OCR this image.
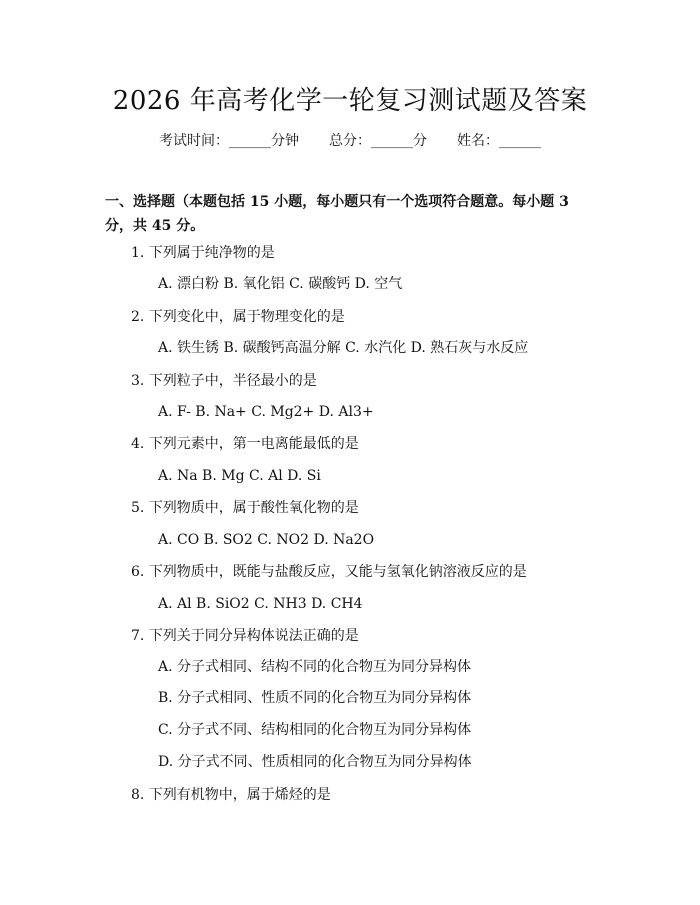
2026 年高考化学一轮复习测试题及答案
考试时间：______分钟 总分：______分 姓名：______
一、选择题（本题包括 15 小题，每小题只有一个选项符合题意。每小题 3 分，共 45 分。
1. 下列属于纯净物的是
A. 漂白粉 B. 氧化铝 C. 碳酸钙 D. 空气
2. 下列变化中，属于物理变化的是
A. 铁生锈 B. 碳酸钙高温分解 C. 水汽化 D. 熟石灰与水反应
3. 下列粒子中，半径最小的是
A. F- B. Na+ C. Mg2+ D. Al3+
4. 下列元素中，第一电离能最低的是
A. Na B. Mg C. Al D. Si
5. 下列物质中，属于酸性氧化物的是
A. CO B. SO2 C. NO2 D. Na2O
6. 下列物质中，既能与盐酸反应，又能与氢氧化钠溶液反应的是
A. Al B. SiO2 C. NH3 D. CH4
7. 下列关于同分异构体说法正确的是
A. 分子式相同、结构不同的化合物互为同分异构体
B. 分子式相同、性质不同的化合物互为同分异构体
C. 分子式不同、结构相同的化合物互为同分异构体
D. 分子式不同、性质相同的化合物互为同分异构体
8. 下列有机物中，属于烯烃的是
